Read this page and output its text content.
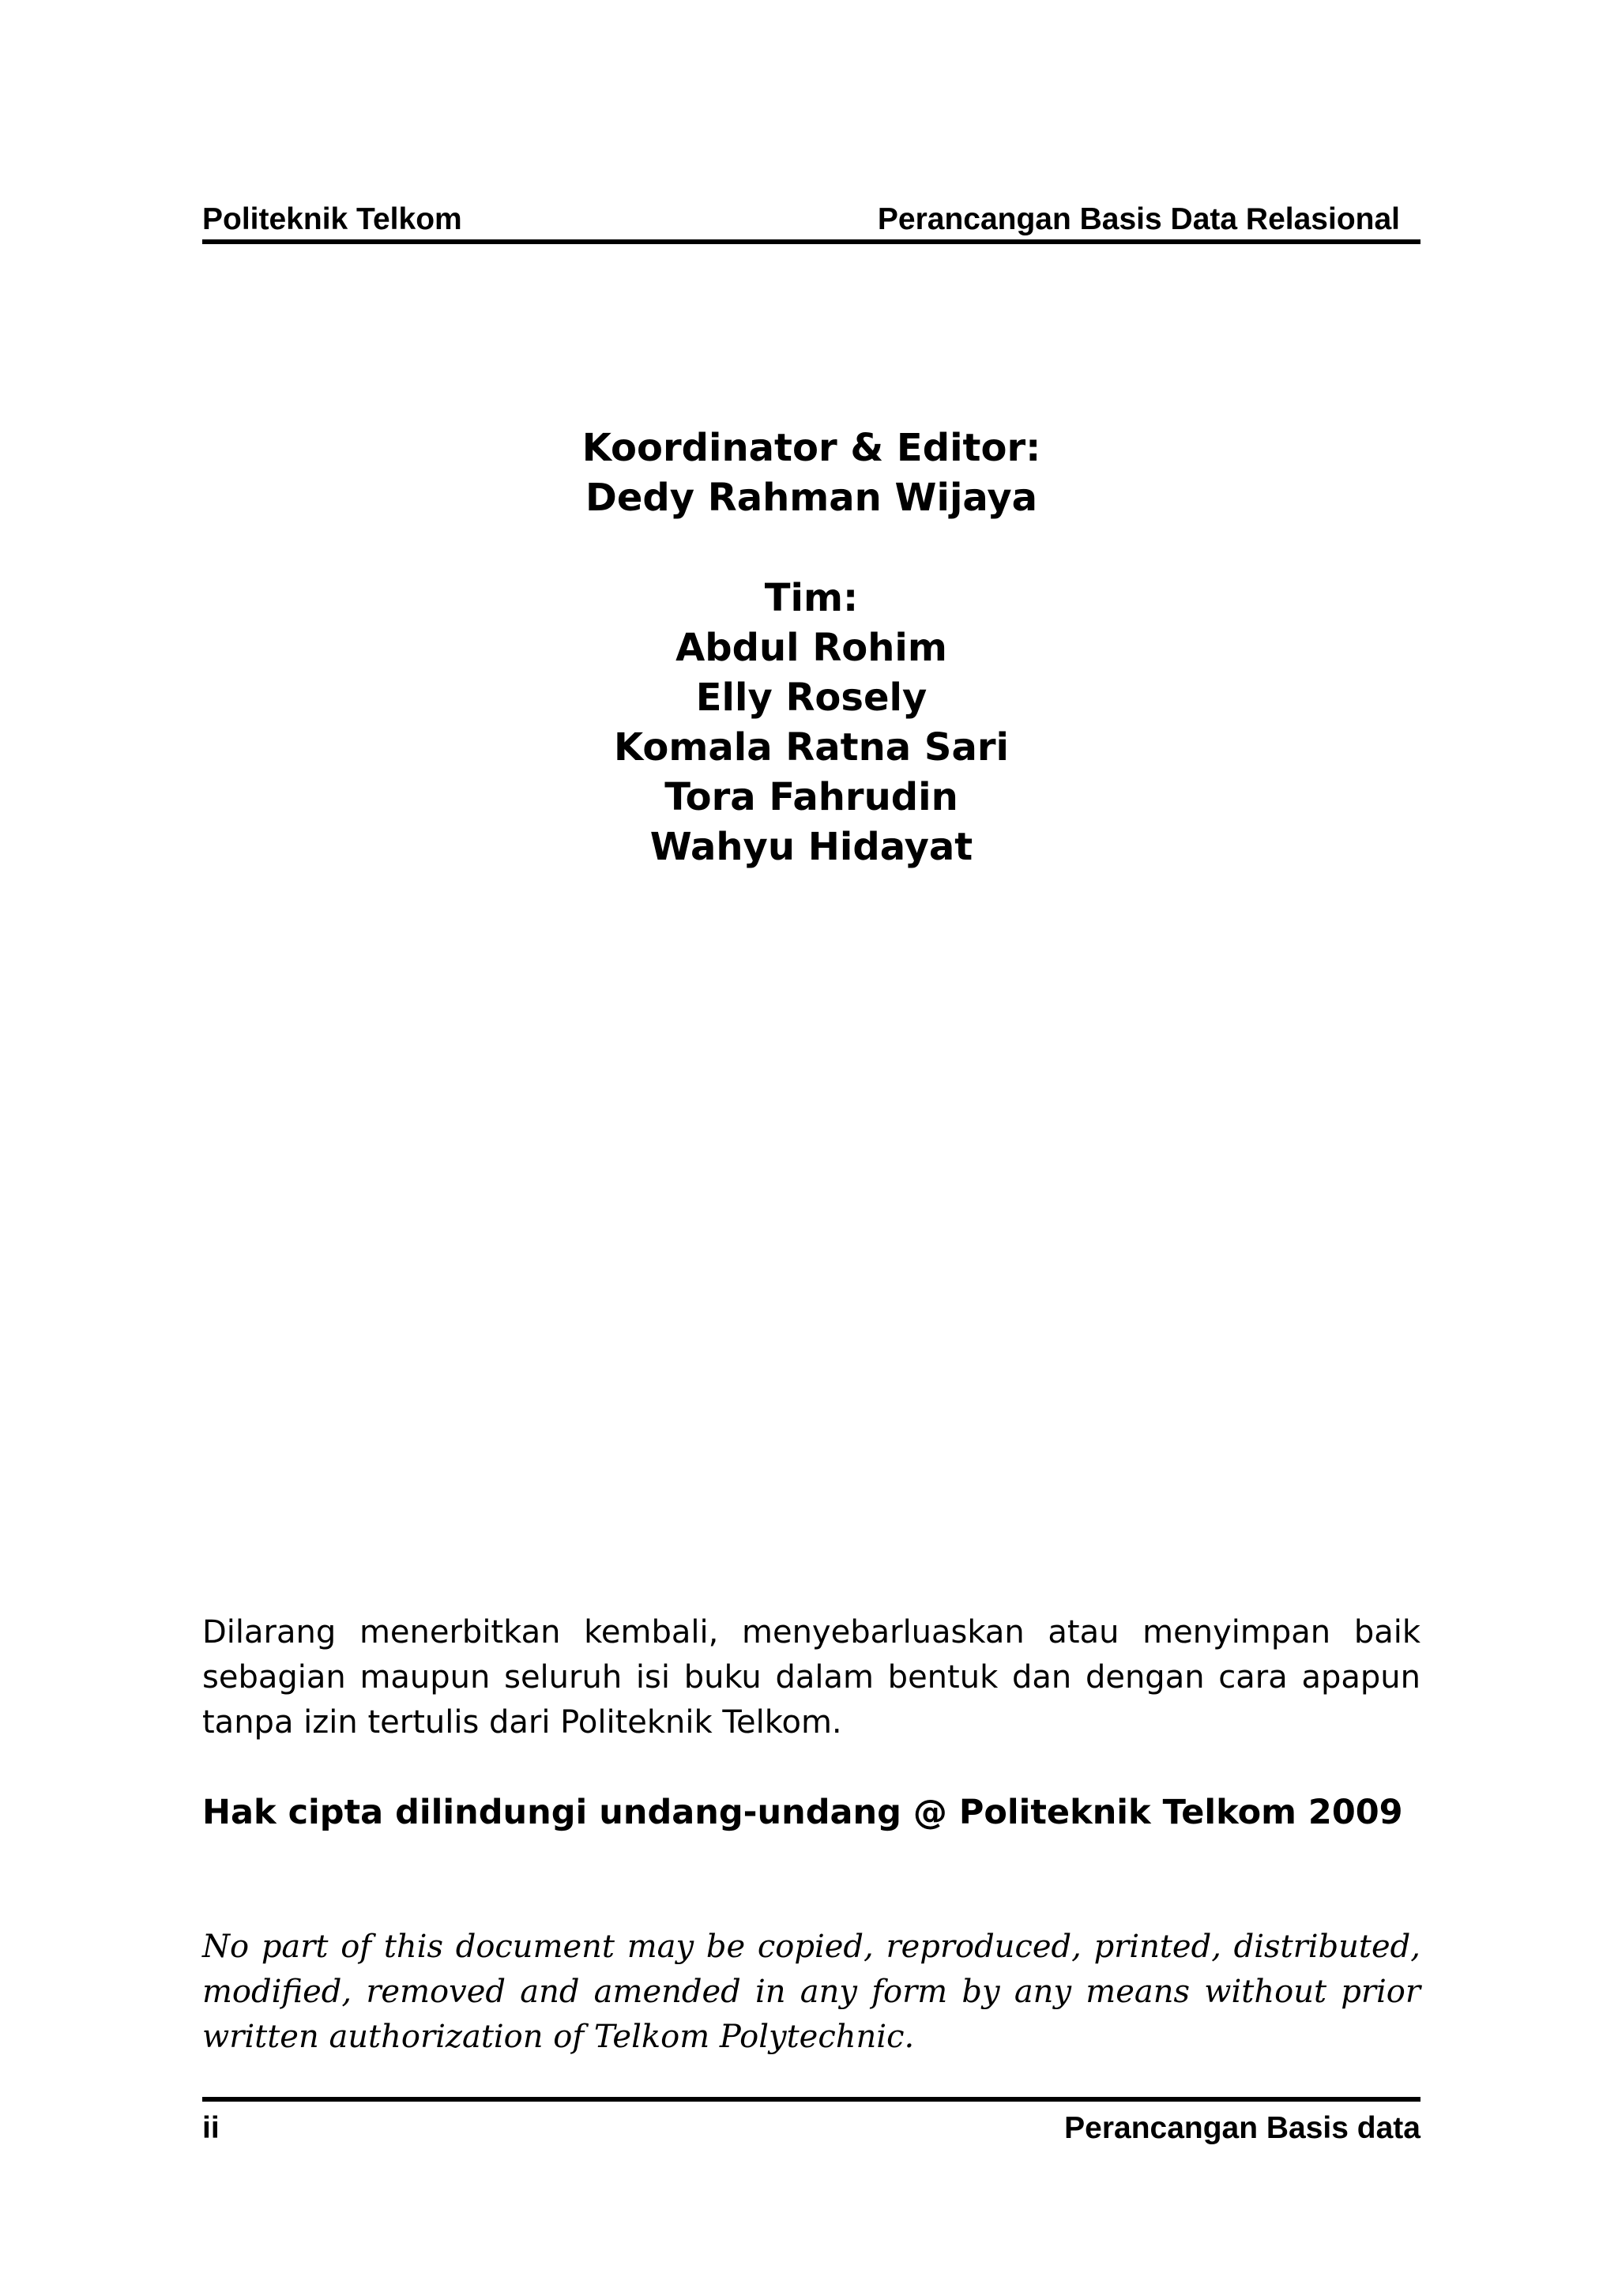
Politeknik Telkom	Perancangan Basis Data Relasional
Koordinator & Editor:
Dedy Rahman Wijaya
Tim:
Abdul Rohim
Elly Rosely
Komala Ratna Sari
Tora Fahrudin
Wahyu Hidayat

Dilarang menerbitkan kembali, menyebarluaskan atau menyimpan baik sebagian maupun seluruh isi buku dalam bentuk dan dengan cara apapun tanpa izin tertulis dari Politeknik Telkom.

Hak cipta dilindungi undang-undang @ Politeknik Telkom 2009

No part of this document may be copied, reproduced, printed, distributed, modified, removed and amended in any form by any means without prior written authorization of Telkom Polytechnic.

ii	Perancangan Basis data
